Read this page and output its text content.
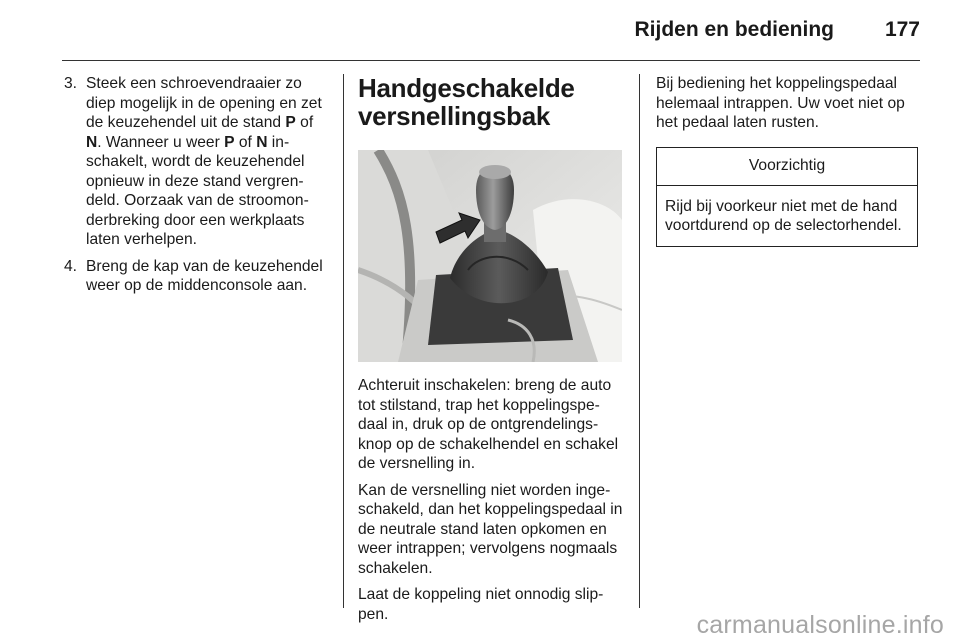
Rijden en bediening 177
3. Steek een schroevendraaier zo diep mogelijk in de opening en zet de keuzehendel uit de stand P of N. Wanneer u weer P of N inschakelt, wordt de keuzehendel opnieuw in deze stand vergrendeld. Oorzaak van de stroomonderbreking door een werkplaats laten verhelpen.
4. Breng de kap van de keuzehendel weer op de middenconsole aan.
Handgeschakelde
versnellingsbak

Achteruit inschakelen: breng de auto tot stilstand, trap het koppelingspedaal in, druk op de ontgrendelingsknop op de schakelhendel en schakel de versnelling in.

Kan de versnelling niet worden ingeschakeld, dan het koppelingspedaal in de neutrale stand laten opkomen en weer intrappen; vervolgens nogmaals schakelen.

Laat de koppeling niet onnodig slippen.

Bij bediening het koppelingspedaal helemaal intrappen. Uw voet niet op het pedaal laten rusten.

Voorzichtig
Rijd bij voorkeur niet met de hand voortdurend op de selectorhendel.
carmanualsonline.info
